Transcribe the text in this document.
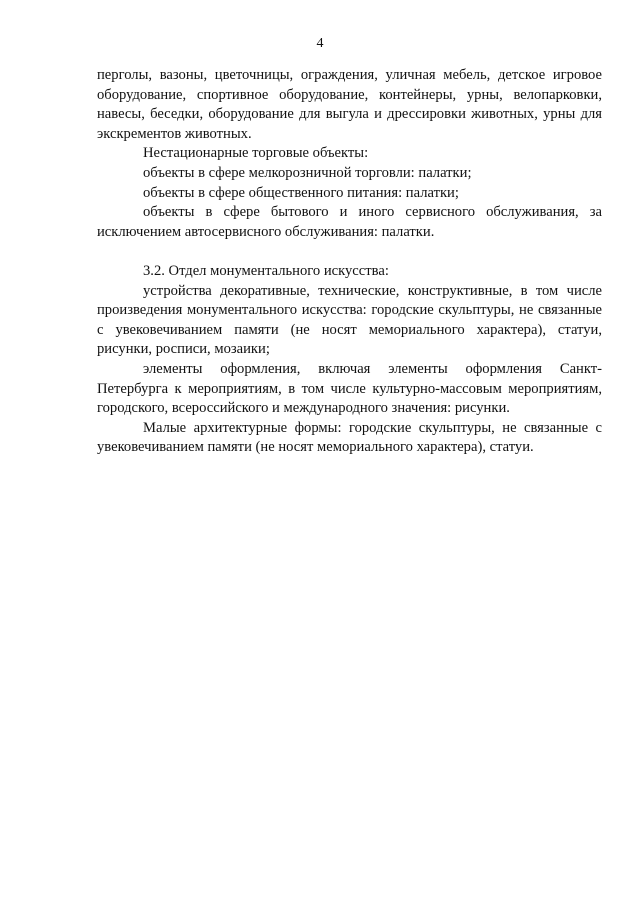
4

перголы, вазоны, цветочницы, ограждения, уличная мебель, детское игровое оборудование, спортивное оборудование, контейнеры, урны, велопарковки, навесы, беседки, оборудование для выгула и дрессировки животных, урны для экскрементов животных.

Нестационарные торговые объекты:

объекты в сфере мелкорозничной торговли: палатки;

объекты в сфере общественного питания: палатки;

объекты в сфере бытового и иного сервисного обслуживания, за исключением автосервисного обслуживания: палатки.

3.2. Отдел монументального искусства:

устройства декоративные, технические, конструктивные, в том числе произведения монументального искусства: городские скульптуры, не связанные с увековечиванием памяти (не носят мемориального характера), статуи, рисунки, росписи, мозаики;

элементы оформления, включая элементы оформления Санкт-Петербурга к мероприятиям, в том числе культурно-массовым мероприятиям, городского, всероссийского и международного значения: рисунки.

Малые архитектурные формы: городские скульптуры, не связанные с увековечиванием памяти (не носят мемориального характера), статуи.
